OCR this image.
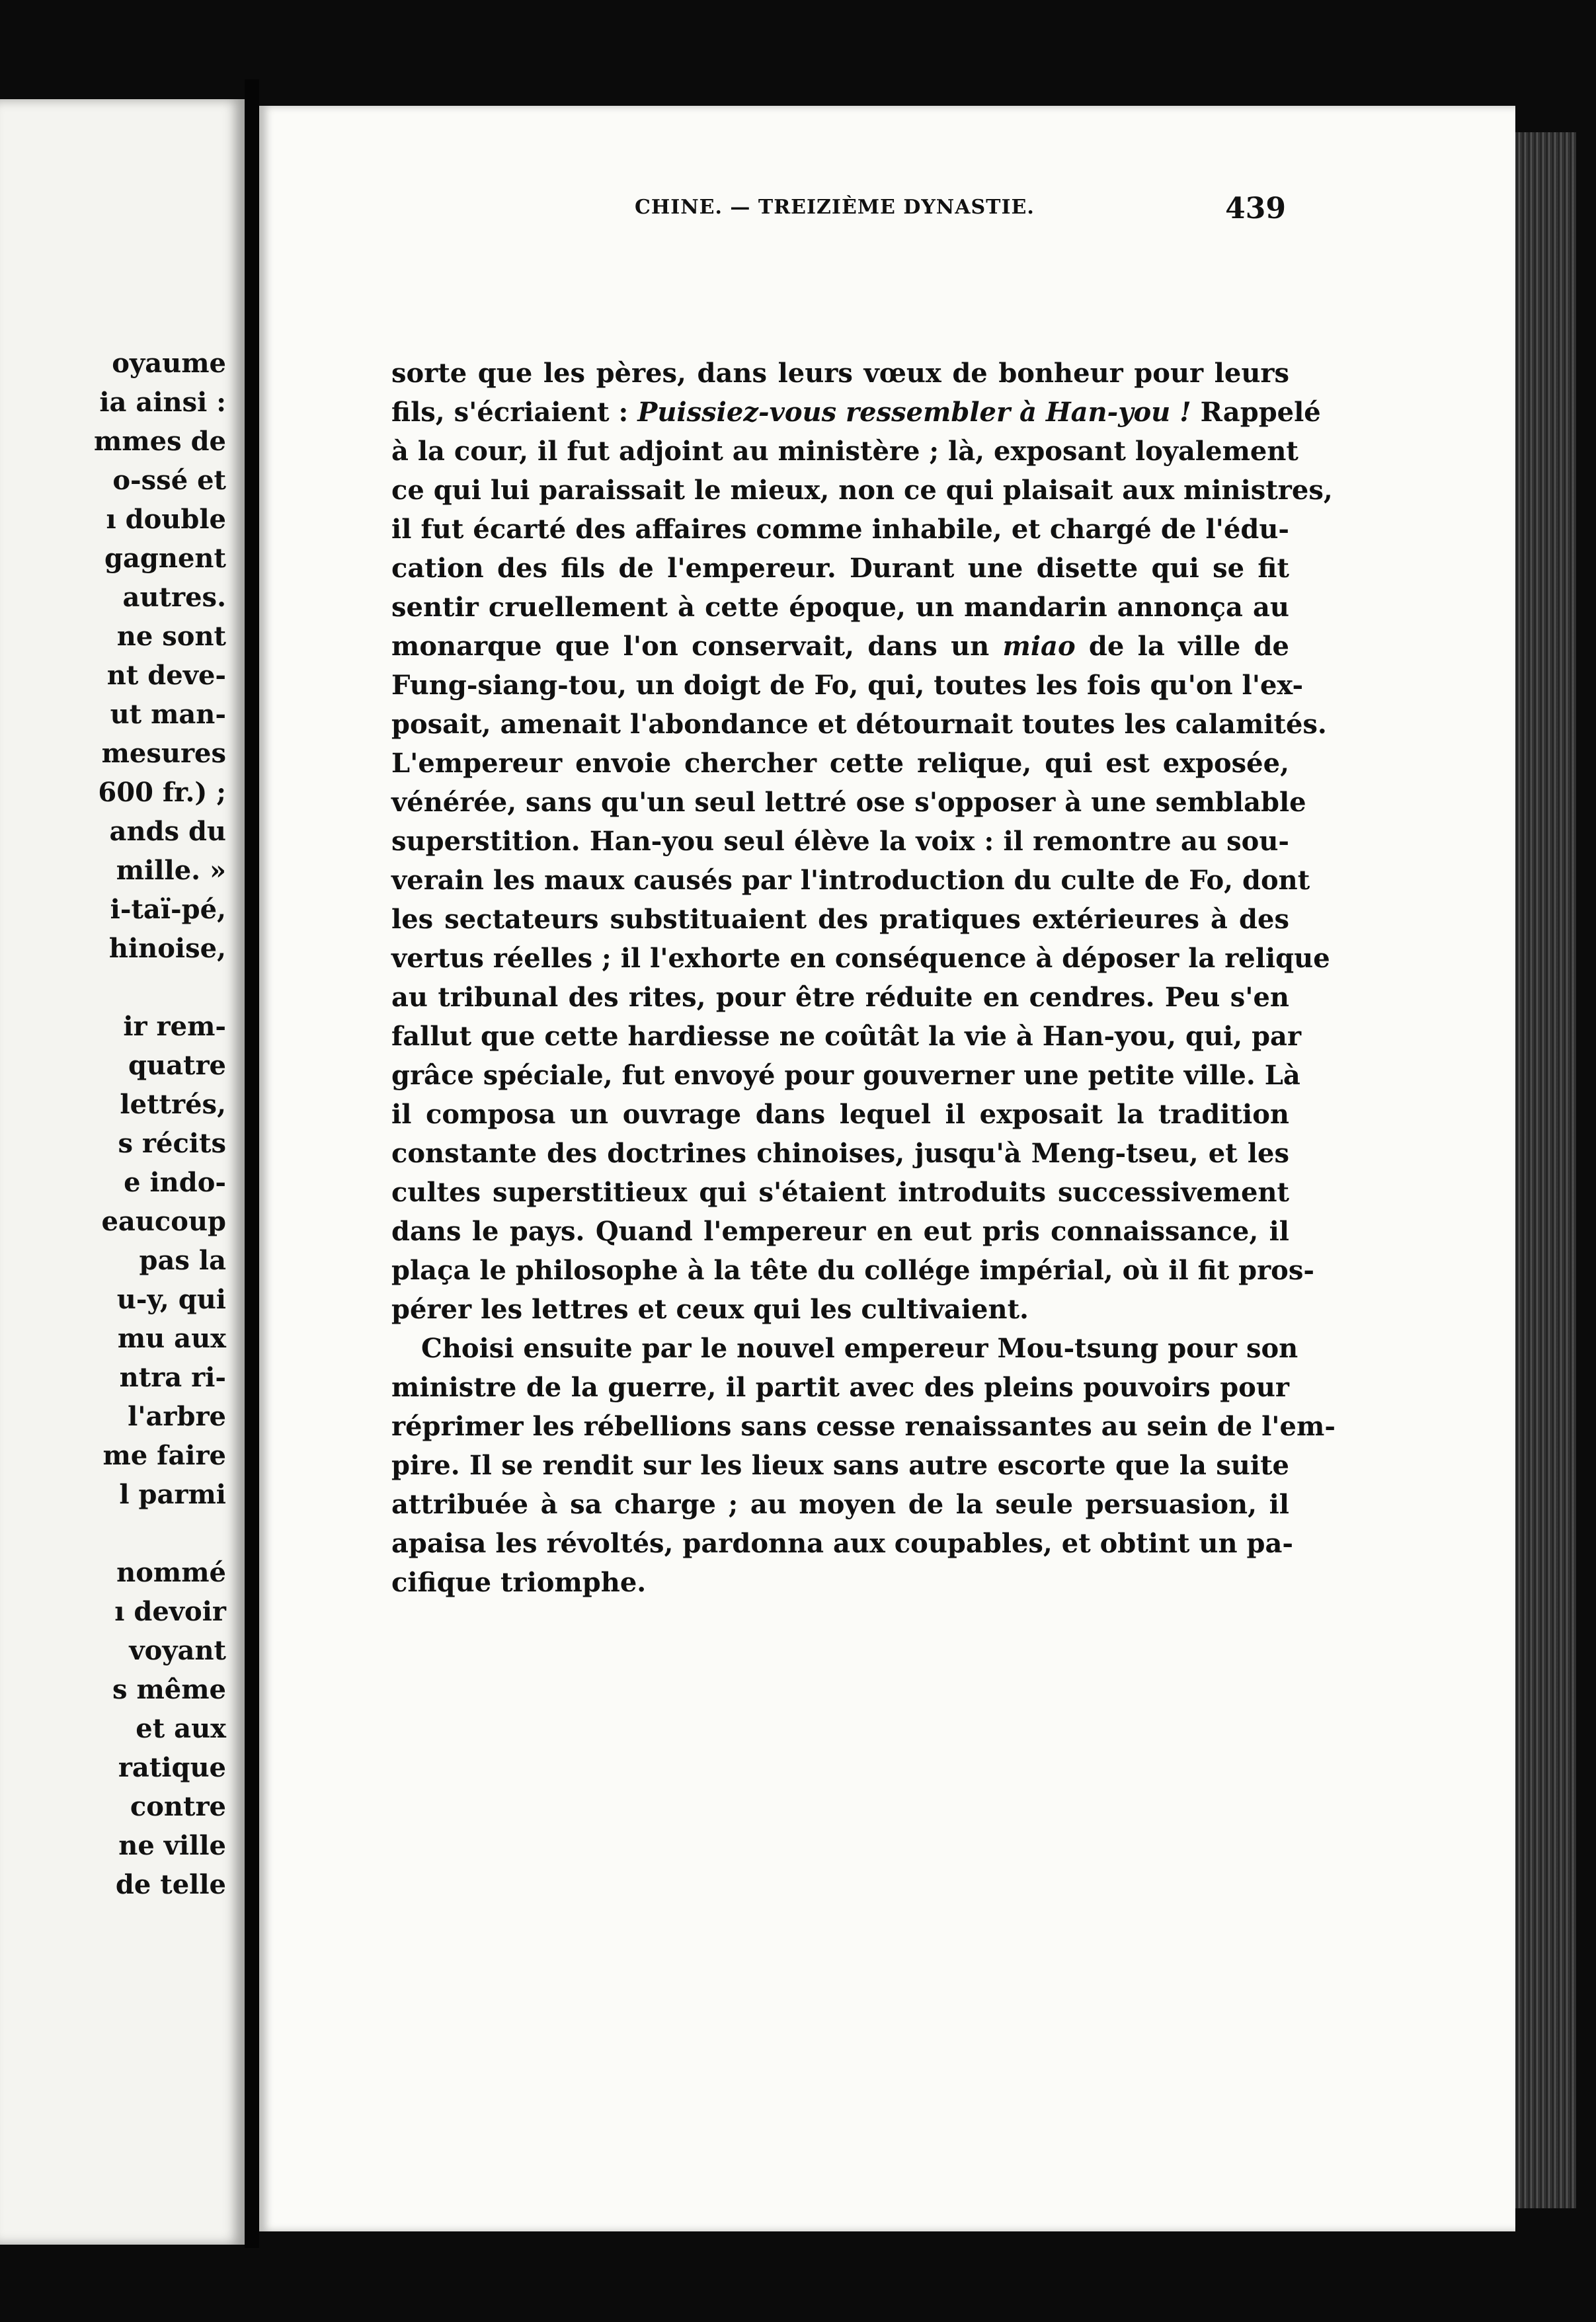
oyaume
ia ainsi :
mmes de
o-ssé et
ı double
gagnent
autres.
ne sont
nt deve-
ut man-
mesures
600 fr.) ;
ands du
mille. »
i-taï-pé,
hinoise,
ir rem-
quatre
lettrés,
s récits
e indo-
eaucoup
pas la
u-y, qui
mu aux
ntra ri-
l'arbre
me faire
l parmi
nommé
ı devoir
voyant
s même
et aux
ratique
contre
ne ville
de telle
CHINE. — TREIZIÈME DYNASTIE.	439
sorte que les pères, dans leurs vœux de bonheur pour leurs
fils, s'écriaient : Puissiez-vous ressembler à Han-you ! Rappelé
à la cour, il fut adjoint au ministère ; là, exposant loyalement
ce qui lui paraissait le mieux, non ce qui plaisait aux ministres,
il fut écarté des affaires comme inhabile, et chargé de l'édu-
cation des fils de l'empereur. Durant une disette qui se fit
sentir cruellement à cette époque, un mandarin annonça au
monarque que l'on conservait, dans un miao de la ville de
Fung-siang-tou, un doigt de Fo, qui, toutes les fois qu'on l'ex-
posait, amenait l'abondance et détournait toutes les calamités.
L'empereur envoie chercher cette relique, qui est exposée,
vénérée, sans qu'un seul lettré ose s'opposer à une semblable
superstition. Han-you seul élève la voix : il remontre au sou-
verain les maux causés par l'introduction du culte de Fo, dont
les sectateurs substituaient des pratiques extérieures à des
vertus réelles ; il l'exhorte en conséquence à déposer la relique
au tribunal des rites, pour être réduite en cendres. Peu s'en
fallut que cette hardiesse ne coûtât la vie à Han-you, qui, par
grâce spéciale, fut envoyé pour gouverner une petite ville. Là
il composa un ouvrage dans lequel il exposait la tradition
constante des doctrines chinoises, jusqu'à Meng-tseu, et les
cultes superstitieux qui s'étaient introduits successivement
dans le pays. Quand l'empereur en eut pris connaissance, il
plaça le philosophe à la tête du collége impérial, où il fit pros-
pérer les lettres et ceux qui les cultivaient.
Choisi ensuite par le nouvel empereur Mou-tsung pour son
ministre de la guerre, il partit avec des pleins pouvoirs pour
réprimer les rébellions sans cesse renaissantes au sein de l'em-
pire. Il se rendit sur les lieux sans autre escorte que la suite
attribuée à sa charge ; au moyen de la seule persuasion, il
apaisa les révoltés, pardonna aux coupables, et obtint un pa-
cifique triomphe.
